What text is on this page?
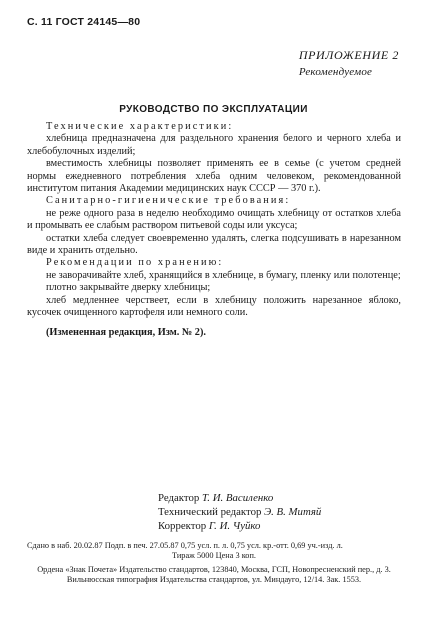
С. 11 ГОСТ 24145—80
ПРИЛОЖЕНИЕ 2
Рекомендуемое
РУКОВОДСТВО ПО ЭКСПЛУАТАЦИИ

Технические характеристики:

хлебница предназначена для раздельного хранения белого и черного хлеба и хлебобулочных изделий;

вместимость хлебницы позволяет применять ее в семье (с учетом средней нормы ежедневного потребления хлеба одним человеком, рекомендованной институтом питания Академии медицинских наук СССР — 370 г.).

Санитарно-гигиенические требования:

не реже одного раза в неделю необходимо очищать хлебницу от остатков хлеба и промывать ее слабым раствором питьевой соды или уксуса;

остатки хлеба следует своевременно удалять, слегка подсушивать в нарезанном виде и хранить отдельно.

Рекомендации по хранению:

не заворачивайте хлеб, хранящийся в хлебнице, в бумагу, пленку или полотенце;

плотно закрывайте дверку хлебницы;

хлеб медленнее черствеет, если в хлебницу положить нарезанное яблоко, кусочек очищенного картофеля или немного соли.

(Измененная редакция, Изм. № 2).

Редактор Т. И. Василенко
Технический редактор Э. В. Митяй
Корректор Г. И. Чуйко

Сдано в наб. 20.02.87 Подп. в печ. 27.05.87 0,75 усл. п. л. 0,75 усл. кр.-отт. 0,69 уч.-изд. л.

Тираж 5000 Цена 3 коп.

Ордена «Знак Почета» Издательство стандартов, 123840, Москва, ГСП, Новопресненский пер., д. 3.

Вильнюсская типография Издательства стандартов, ул. Миндауго, 12/14. Зак. 1553.
